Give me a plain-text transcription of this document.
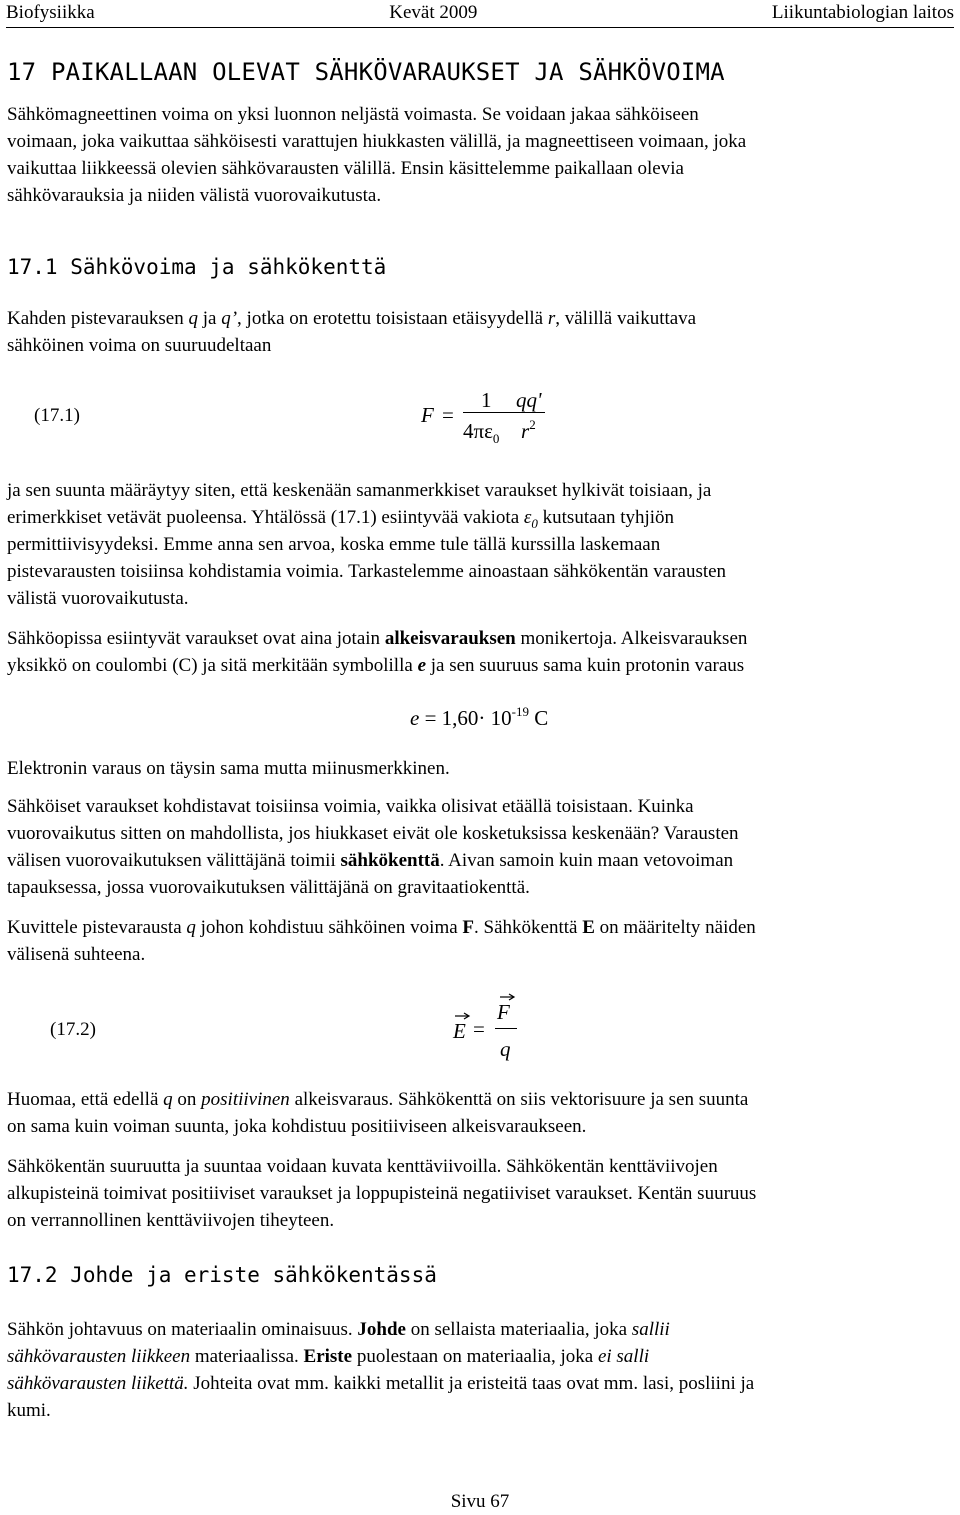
Biofysiikka	Kevät 2009	Liikuntabiologian laitos
17 PAIKALLAAN OLEVAT SÄHKÖVARAUKSET JA SÄHKÖVOIMA

Sähkömagneettinen voima on yksi luonnon neljästä voimasta. Se voidaan jakaa sähköiseen
voimaan, joka vaikuttaa sähköisesti varattujen hiukkasten välillä, ja magneettiseen voimaan, joka
vaikuttaa liikkeessä olevien sähkövarausten välillä. Ensin käsittelemme paikallaan olevia
sähkövarauksia ja niiden välistä vuorovaikutusta.

17.1 Sähkövoima ja sähkökenttä

Kahden pistevarauksen q ja q’, jotka on erotettu toisistaan etäisyydellä r, välillä vaikuttava
sähköinen voima on suuruudeltaan

(17.1)	F =
1
$4\pi\varepsilon_0$
qq'
$r^2$

ja sen suunta määräytyy siten, että keskenään samanmerkkiset varaukset hylkivät toisiaan, ja
erimerkkiset vetävät puoleensa. Yhtälössä (17.1) esiintyvää vakiota $\varepsilon_0$ kutsutaan tyhjiön
permittiivisyydeksi. Emme anna sen arvoa, koska emme tule tällä kurssilla laskemaan
pistevarausten toisiinsa kohdistamia voimia. Tarkastelemme ainoastaan sähkökentän varausten
välistä vuorovaikutusta.

Sähköopissa esiintyvät varaukset ovat aina jotain alkeisvarauksen monikertoja. Alkeisvarauksen
yksikkö on coulombi (C) ja sitä merkitään symbolilla e ja sen suuruus sama kuin protonin varaus

$e = 1,60\cdot 10^{-19}$ C

Elektronin varaus on täysin sama mutta miinusmerkkinen.

Sähköiset varaukset kohdistavat toisiinsa voimia, vaikka olisivat etäällä toisistaan. Kuinka
vuorovaikutus sitten on mahdollista, jos hiukkaset eivät ole kosketuksissa keskenään? Varausten
välisen vuorovaikutuksen välittäjänä toimii sähkökenttä. Aivan samoin kuin maan vetovoiman
tapauksessa, jossa vuorovaikutuksen välittäjänä on gravitaatiokenttä.

Kuvittele pistevarausta q johon kohdistuu sähköinen voima F. Sähkökenttä E on määritelty näiden
välisenä suhteena.

(17.2)	E =
F
q

Huomaa, että edellä q on positiivinen alkeisvaraus. Sähkökenttä on siis vektorisuure ja sen suunta
on sama kuin voiman suunta, joka kohdistuu positiiviseen alkeisvaraukseen.

Sähkökentän suuruutta ja suuntaa voidaan kuvata kenttäviivoilla. Sähkökentän kenttäviivojen
alkupisteinä toimivat positiiviset varaukset ja loppupisteinä negatiiviset varaukset. Kentän suuruus
on verrannollinen kenttäviivojen tiheyteen.

17.2 Johde ja eriste sähkökentässä

Sähkön johtavuus on materiaalin ominaisuus. Johde on sellaista materiaalia, joka sallii
sähkövarausten liikkeen materiaalissa. Eriste puolestaan on materiaalia, joka ei salli
sähkövarausten liikettä. Johteita ovat mm. kaikki metallit ja eristeitä taas ovat mm. lasi, posliini ja
kumi.

Sivu 67
